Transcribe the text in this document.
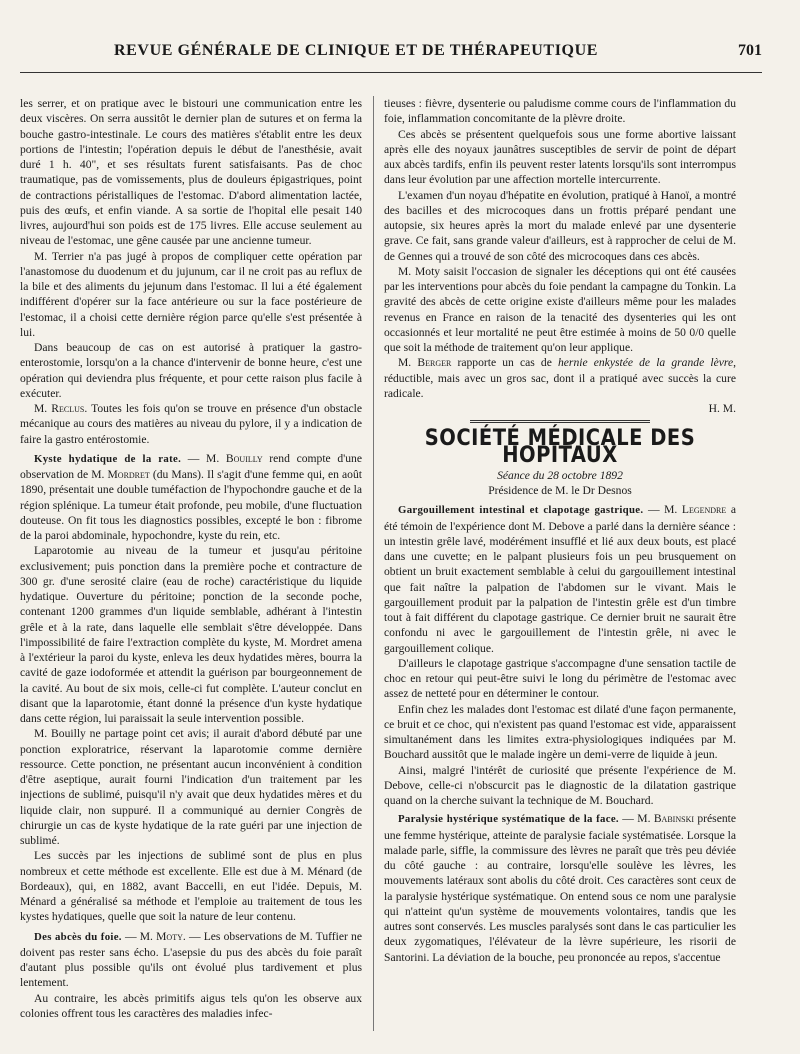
REVUE GÉNÉRALE DE CLINIQUE ET DE THÉRAPEUTIQUE	701

les serrer, et on pratique avec le bistouri une communication entre les deux viscères. On serra aussitôt le dernier plan de sutures et on ferma la bouche gastro-intestinale. Le cours des matières s'établit entre les deux portions de l'intestin; l'opération depuis le début de l'anesthésie, avait duré 1 h. 40", et ses résultats furent satisfaisants. Pas de choc traumatique, pas de vomissements, plus de douleurs épigastriques, point de contractions péristalliques de l'estomac. D'abord alimentation lactée, puis des œufs, et enfin viande. A sa sortie de l'hopital elle pesait 140 livres, aujourd'hui son poids est de 175 livres. Elle accuse seulement au niveau de l'estomac, une gêne causée par une ancienne tumeur.

M. Terrier n'a pas jugé à propos de compliquer cette opération par l'anastomose du duodenum et du jujunum, car il ne croit pas au reflux de la bile et des aliments du jejunum dans l'estomac. Il lui a été également indifférent d'opérer sur la face antérieure ou sur la face postérieure de l'estomac, il a choisi cette dernière région parce qu'elle s'est présentée à lui.

Dans beaucoup de cas on est autorisé à pratiquer la gastro-enterostomie, lorsqu'on a la chance d'intervenir de bonne heure, c'est une opération qui deviendra plus fréquente, et pour cette raison plus facile à exécuter.

M. Reclus. Toutes les fois qu'on se trouve en présence d'un obstacle mécanique au cours des matières au niveau du pylore, il y a indication de faire la gastro entérostomie.

Kyste hydatique de la rate. — M. Bouilly rend compte d'une observation de M. Mordret (du Mans). Il s'agit d'une femme qui, en août 1890, présentait une double tuméfaction de l'hypochondre gauche et de la région splénique. La tumeur était profonde, peu mobile, d'une fluctuation douteuse. On fit tous les diagnostics possibles, excepté le bon : fibrome de la paroi abdominale, hypochondre, kyste du rein, etc.

Laparotomie au niveau de la tumeur et jusqu'au péritoine exclusivement; puis ponction dans la première poche et contracture de 300 gr. d'une serosité claire (eau de roche) caractéristique du liquide hydatique. Ouverture du péritoine; ponction de la seconde poche, contenant 1200 grammes d'un liquide semblable, adhérant à l'intestin grêle et à la rate, dans laquelle elle semblait s'être développée. Dans l'impossibilité de faire l'extraction complète du kyste, M. Mordret amena à l'extérieur la paroi du kyste, enleva les deux hydatides mères, bourra la cavité de gaze iodoformée et attendit la guérison par bourgeonnement de la cavité. Au bout de six mois, celle-ci fut complète. L'auteur conclut en disant que la laparotomie, étant donné la présence d'un kyste hydatique dans cette région, lui paraissait la seule intervention possible.

M. Bouilly ne partage point cet avis; il aurait d'abord débuté par une ponction exploratrice, réservant la laparotomie comme dernière ressource. Cette ponction, ne présentant aucun inconvénient à condition d'être aseptique, aurait fourni l'indication d'un traitement par les injections de sublimé, puisqu'il n'y avait que deux hydatides mères et du liquide clair, non suppuré. Il a communiqué au dernier Congrès de chirurgie un cas de kyste hydatique de la rate guéri par une injection de sublimé.

Les succès par les injections de sublimé sont de plus en plus nombreux et cette méthode est excellente. Elle est due à M. Ménard (de Bordeaux), qui, en 1882, avant Baccelli, en eut l'idée. Depuis, M. Ménard a généralisé sa méthode et l'emploie au traitement de tous les kystes hydatiques, quelle que soit la nature de leur contenu.

Des abcès du foie. — M. Moty. — Les observations de M. Tuffier ne doivent pas rester sans écho. L'asepsie du pus des abcès du foie paraît d'autant plus possible qu'ils ont évolué plus tardivement et plus lentement.

Au contraire, les abcès primitifs aigus tels qu'on les observe aux colonies offrent tous les caractères des maladies infec-

tieuses : fièvre, dysenterie ou paludisme comme cours de l'inflammation du foie, inflammation concomitante de la plèvre droite.

Ces abcès se présentent quelquefois sous une forme abortive laissant après elle des noyaux jaunâtres susceptibles de servir de point de départ aux abcès tardifs, enfin ils peuvent rester latents lorsqu'ils sont interrompus dans leur évolution par une affection mortelle intercurrente.

L'examen d'un noyau d'hépatite en évolution, pratiqué à Hanoï, a montré des bacilles et des microcoques dans un frottis préparé pendant une autopsie, six heures après la mort du malade enlevé par une dysenterie grave. Ce fait, sans grande valeur d'ailleurs, est à rapprocher de celui de M. de Gennes qui a trouvé de son côté des microcoques dans ces abcès.

M. Moty saisit l'occasion de signaler les déceptions qui ont été causées par les interventions pour abcès du foie pendant la campagne du Tonkin. La gravité des abcès de cette origine existe d'ailleurs même pour les malades revenus en France en raison de la tenacité des dysenteries qui les ont occasionnés et leur mortalité ne peut être estimée à moins de 50 0/0 quelle que soit la méthode de traitement qu'on leur applique.

M. Berger rapporte un cas de hernie enkystée de la grande lèvre, réductible, mais avec un gros sac, dont il a pratiqué avec succès la cure radicale.

H. M.
SOCIÉTÉ MÉDICALE DES HOPITAUX

Séance du 28 octobre 1892

Présidence de M. le Dr Desnos

Gargouillement intestinal et clapotage gastrique. — M. Legendre a été témoin de l'expérience dont M. Debove a parlé dans la dernière séance : un intestin grêle lavé, modérément insufflé et lié aux deux bouts, est placé dans une cuvette; en le palpant plusieurs fois un peu brusquement on obtient un bruit exactement semblable à celui du gargouillement intestinal que fait naître la palpation de l'abdomen sur le vivant. Mais le gargouillement produit par la palpation de l'intestin grêle est d'un timbre tout à fait différent du clapotage gastrique. Ce dernier bruit ne saurait être confondu ni avec le gargouillement de l'intestin grêle, ni avec le gargouillement colique.

D'ailleurs le clapotage gastrique s'accompagne d'une sensation tactile de choc en retour qui peut-être suivi le long du périmètre de l'estomac avec assez de netteté pour en déterminer le contour.

Enfin chez les malades dont l'estomac est dilaté d'une façon permanente, ce bruit et ce choc, qui n'existent pas quand l'estomac est vide, apparaissent simultanément dans les limites extra-physiologiques indiquées par M. Bouchard aussitôt que le malade ingère un demi-verre de liquide à jeun.

Ainsi, malgré l'intérêt de curiosité que présente l'expérience de M. Debove, celle-ci n'obscurcit pas le diagnostic de la dilatation gastrique quand on la cherche suivant la technique de M. Bouchard.

Paralysie hystérique systématique de la face. — M. Babinski présente une femme hystérique, atteinte de paralysie faciale systématisée. Lorsque la malade parle, siffle, la commissure des lèvres ne paraît que très peu déviée du côté gauche : au contraire, lorsqu'elle soulève les lèvres, les mouvements latéraux sont abolis du côté droit. Ces caractères sont ceux de la paralysie hystérique systématique. On entend sous ce nom une paralysie qui n'atteint qu'un système de mouvements volontaires, tandis que les autres sont conservés. Les muscles paralysés sont dans le cas particulier les deux zygomatiques, l'élévateur de la lèvre supérieure, les risorii de Santorini. La déviation de la bouche, peu prononcée au repos, s'accentue
